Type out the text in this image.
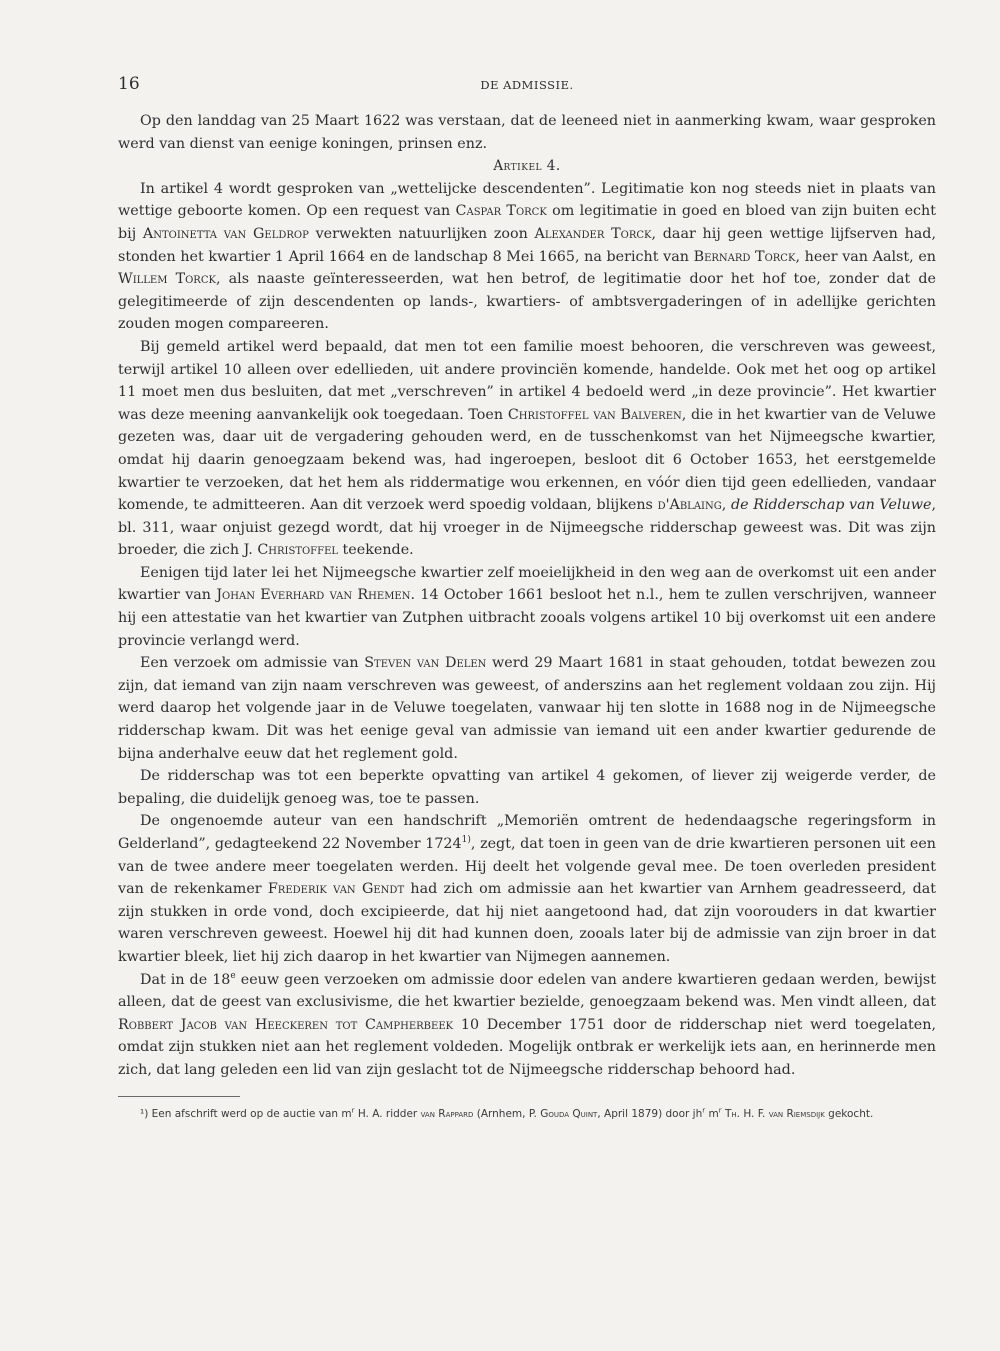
16	DE ADMISSIE.

Op den landdag van 25 Maart 1622 was verstaan, dat de leeneed niet in aanmerking kwam, waar gesproken werd van dienst van eenige koningen, prinsen enz.

Artikel 4.

In artikel 4 wordt gesproken van „wettelijcke descendenten”. Legitimatie kon nog steeds niet in plaats van wettige geboorte komen. Op een request van Caspar Torck om legitimatie in goed en bloed van zijn buiten echt bij Antoinetta van Geldrop verwekten natuurlijken zoon Alexander Torck, daar hij geen wettige lijfserven had, stonden het kwartier 1 April 1664 en de landschap 8 Mei 1665, na bericht van Bernard Torck, heer van Aalst, en Willem Torck, als naaste geïnteresseerden, wat hen betrof, de legitimatie door het hof toe, zonder dat de gelegitimeerde of zijn descendenten op lands-, kwartiers- of ambtsvergaderingen of in adellijke gerichten zouden mogen compareeren.

Bij gemeld artikel werd bepaald, dat men tot een familie moest behooren, die verschreven was geweest, terwijl artikel 10 alleen over edellieden, uit andere provinciën komende, handelde. Ook met het oog op artikel 11 moet men dus besluiten, dat met „verschreven” in artikel 4 bedoeld werd „in deze provincie”. Het kwartier was deze meening aanvankelijk ook toegedaan. Toen Christoffel van Balveren, die in het kwartier van de Veluwe gezeten was, daar uit de vergadering gehouden werd, en de tusschenkomst van het Nijmeegsche kwartier, omdat hij daarin genoegzaam bekend was, had ingeroepen, besloot dit 6 October 1653, het eerstgemelde kwartier te verzoeken, dat het hem als riddermatige wou erkennen, en vóór dien tijd geen edellieden, vandaar komende, te admitteeren. Aan dit verzoek werd spoedig voldaan, blijkens d'Ablaing, de Ridderschap van Veluwe, bl. 311, waar onjuist gezegd wordt, dat hij vroeger in de Nijmeegsche ridderschap geweest was. Dit was zijn broeder, die zich J. Christoffel teekende.

Eenigen tijd later lei het Nijmeegsche kwartier zelf moeielijkheid in den weg aan de overkomst uit een ander kwartier van Johan Everhard van Rhemen. 14 October 1661 besloot het n.l., hem te zullen verschrijven, wanneer hij een attestatie van het kwartier van Zutphen uitbracht zooals volgens artikel 10 bij overkomst uit een andere provincie verlangd werd.

Een verzoek om admissie van Steven van Delen werd 29 Maart 1681 in staat gehouden, totdat bewezen zou zijn, dat iemand van zijn naam verschreven was geweest, of anderszins aan het reglement voldaan zou zijn. Hij werd daarop het volgende jaar in de Veluwe toegelaten, vanwaar hij ten slotte in 1688 nog in de Nijmeegsche ridderschap kwam. Dit was het eenige geval van admissie van iemand uit een ander kwartier gedurende de bijna anderhalve eeuw dat het reglement gold.

De ridderschap was tot een beperkte opvatting van artikel 4 gekomen, of liever zij weigerde verder, de bepaling, die duidelijk genoeg was, toe te passen.

De ongenoemde auteur van een handschrift „Memoriën omtrent de hedendaagsche regeringsform in Gelderland”, gedagteekend 22 November 1724$^{1)}$, zegt, dat toen in geen van de drie kwartieren personen uit een van de twee andere meer toegelaten werden. Hij deelt het volgende geval mee. De toen overleden president van de rekenkamer Frederik van Gendt had zich om admissie aan het kwartier van Arnhem geadresseerd, dat zijn stukken in orde vond, doch excipieerde, dat hij niet aangetoond had, dat zijn voorouders in dat kwartier waren verschreven geweest. Hoewel hij dit had kunnen doen, zooals later bij de admissie van zijn broer in dat kwartier bleek, liet hij zich daarop in het kwartier van Nijmegen aannemen.

Dat in de 18e eeuw geen verzoeken om admissie door edelen van andere kwartieren gedaan werden, bewijst alleen, dat de geest van exclusivisme, die het kwartier bezielde, genoegzaam bekend was. Men vindt alleen, dat Robbert Jacob van Heeckeren tot Campherbeek 10 December 1751 door de ridderschap niet werd toegelaten, omdat zijn stukken niet aan het reglement voldeden. Mogelijk ontbrak er werkelijk iets aan, en herinnerde men zich, dat lang geleden een lid van zijn geslacht tot de Nijmeegsche ridderschap behoord had.

¹) Een afschrift werd op de auctie van $m^r$ H. A. ridder van Rappard (Arnhem, P. Gouda Quint, April 1879) door $jh^r$ $m^r$ Th. H. F. van Riemsdijk gekocht.
